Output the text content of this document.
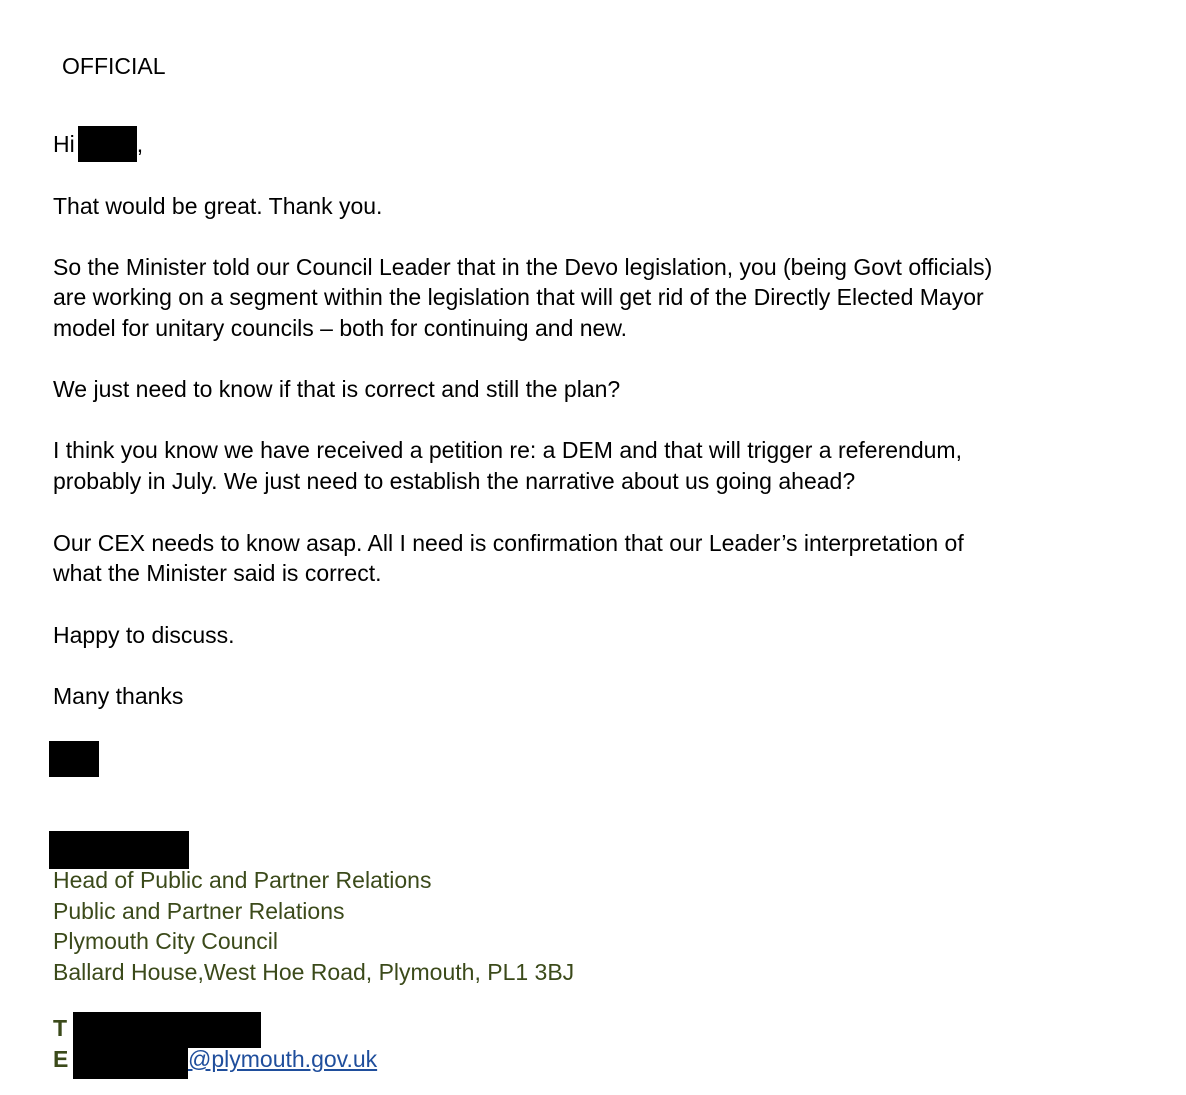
OFFICIAL
Hi	,
That would be great. Thank you.
So the Minister told our Council Leader that in the Devo legislation, you (being Govt officials)
are working on a segment within the legislation that will get rid of the Directly Elected Mayor
model for unitary councils – both for continuing and new.
We just need to know if that is correct and still the plan?
I think you know we have received a petition re: a DEM and that will trigger a referendum,
probably in July. We just need to establish the narrative about us going ahead?
Our CEX needs to know asap. All I need is confirmation that our Leader’s interpretation of
what the Minister said is correct.
Happy to discuss.
Many thanks
Head of Public and Partner Relations
Public and Partner Relations
Plymouth City Council
Ballard House,West Hoe Road, Plymouth, PL1 3BJ
T
E	@plymouth.gov.uk
